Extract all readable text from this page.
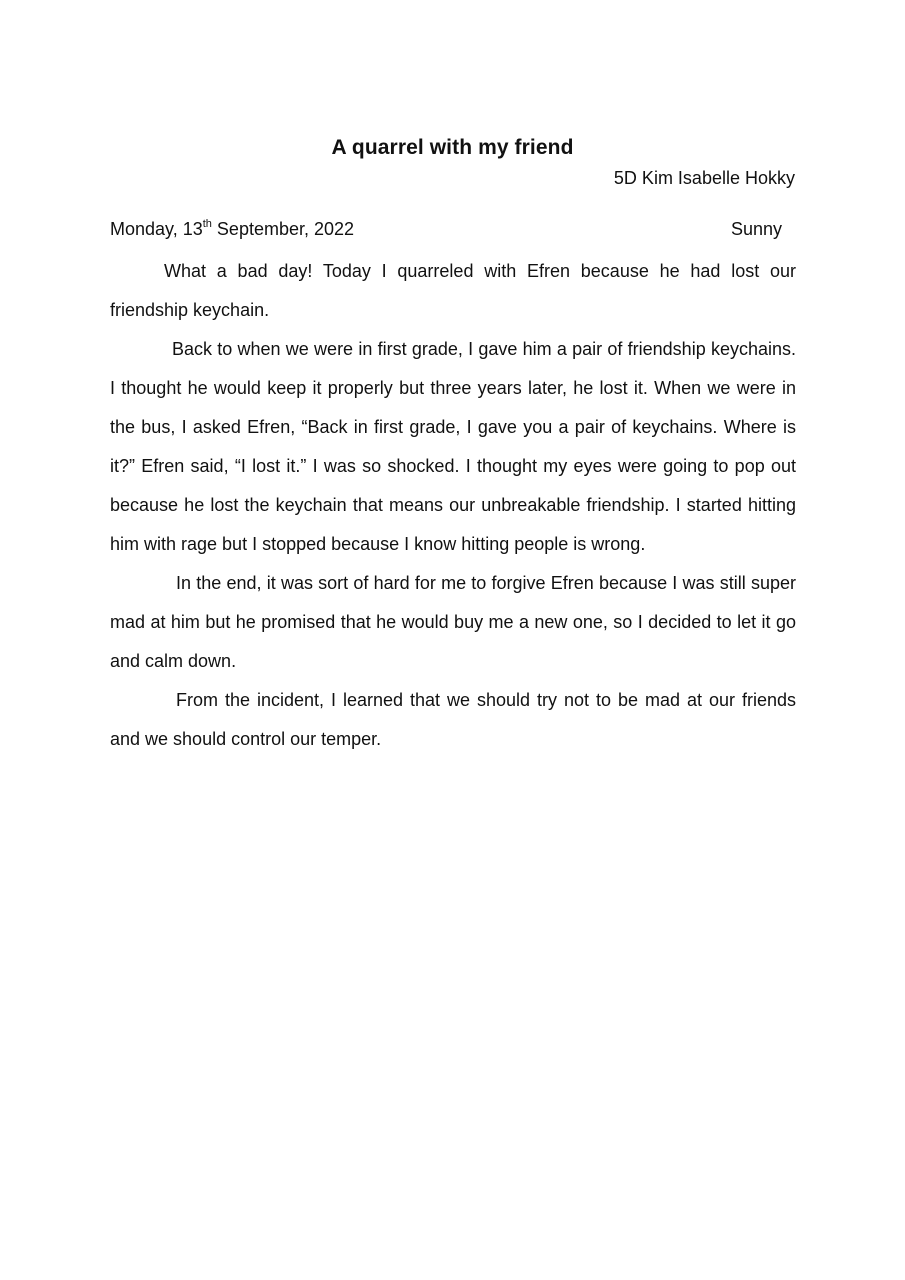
A quarrel with my friend
5D Kim Isabelle Hokky
Monday, 13th September, 2022	Sunny

What a bad day! Today I quarreled with Efren because he had lost our friendship keychain.

Back to when we were in first grade, I gave him a pair of friendship keychains. I thought he would keep it properly but three years later, he lost it. When we were in the bus, I asked Efren, “Back in first grade, I gave you a pair of keychains. Where is it?” Efren said, “I lost it.” I was so shocked. I thought my eyes were going to pop out because he lost the keychain that means our unbreakable friendship. I started hitting him with rage but I stopped because I know hitting people is wrong.

In the end, it was sort of hard for me to forgive Efren because I was still super mad at him but he promised that he would buy me a new one, so I decided to let it go and calm down.

From the incident, I learned that we should try not to be mad at our friends and we should control our temper.
